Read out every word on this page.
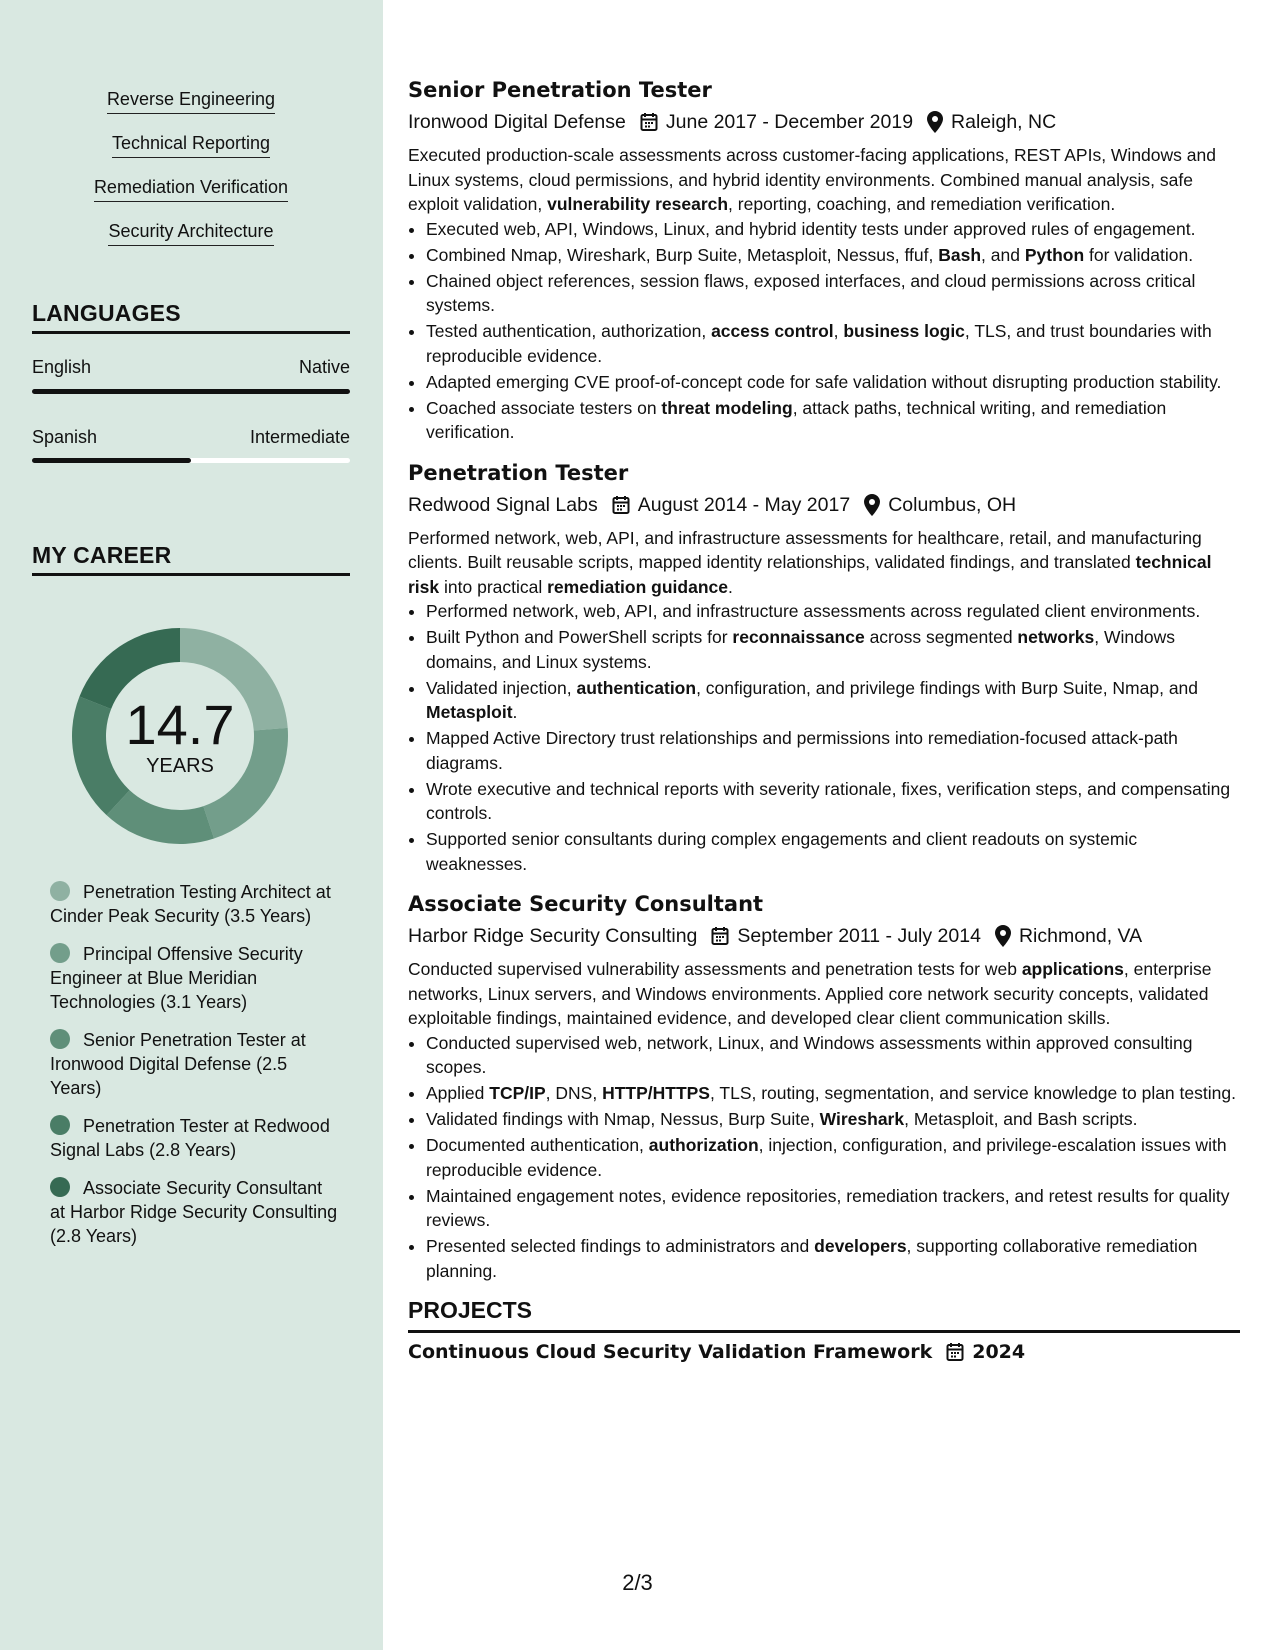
Reverse Engineering
Technical Reporting
Remediation Verification
Security Architecture
LANGUAGES
English	Native
Spanish	Intermediate
MY CAREER
14.7
YEARS
Penetration Testing Architect at Cinder Peak Security (3.5 Years)
Principal Offensive Security Engineer at Blue Meridian Technologies (3.1 Years)
Senior Penetration Tester at Ironwood Digital Defense (2.5 Years)
Penetration Tester at Redwood Signal Labs (2.8 Years)
Associate Security Consultant at Harbor Ridge Security Consulting (2.8 Years)
Senior Penetration Tester
Ironwood Digital Defense June 2017 - December 2019 Raleigh, NC

Executed production-scale assessments across customer-facing applications, REST APIs, Windows and Linux systems, cloud permissions, and hybrid identity environments. Combined manual analysis, safe exploit validation, vulnerability research, reporting, coaching, and remediation verification.

• Executed web, API, Windows, Linux, and hybrid identity tests under approved rules of engagement.
• Combined Nmap, Wireshark, Burp Suite, Metasploit, Nessus, ffuf, Bash, and Python for validation.
• Chained object references, session flaws, exposed interfaces, and cloud permissions across critical systems.
• Tested authentication, authorization, access control, business logic, TLS, and trust boundaries with reproducible evidence.
• Adapted emerging CVE proof-of-concept code for safe validation without disrupting production stability.
• Coached associate testers on threat modeling, attack paths, technical writing, and remediation verification.
Penetration Tester
Redwood Signal Labs August 2014 - May 2017 Columbus, OH

Performed network, web, API, and infrastructure assessments for healthcare, retail, and manufacturing clients. Built reusable scripts, mapped identity relationships, validated findings, and translated technical risk into practical remediation guidance.

• Performed network, web, API, and infrastructure assessments across regulated client environments.
• Built Python and PowerShell scripts for reconnaissance across segmented networks, Windows domains, and Linux systems.
• Validated injection, authentication, configuration, and privilege findings with Burp Suite, Nmap, and Metasploit.
• Mapped Active Directory trust relationships and permissions into remediation-focused attack-path diagrams.
• Wrote executive and technical reports with severity rationale, fixes, verification steps, and compensating controls.
• Supported senior consultants during complex engagements and client readouts on systemic weaknesses.
Associate Security Consultant
Harbor Ridge Security Consulting September 2011 - July 2014 Richmond, VA

Conducted supervised vulnerability assessments and penetration tests for web applications, enterprise networks, Linux servers, and Windows environments. Applied core network security concepts, validated exploitable findings, maintained evidence, and developed clear client communication skills.

• Conducted supervised web, network, Linux, and Windows assessments within approved consulting scopes.
• Applied TCP/IP, DNS, HTTP/HTTPS, TLS, routing, segmentation, and service knowledge to plan testing.
• Validated findings with Nmap, Nessus, Burp Suite, Wireshark, Metasploit, and Bash scripts.
• Documented authentication, authorization, injection, configuration, and privilege-escalation issues with reproducible evidence.
• Maintained engagement notes, evidence repositories, remediation trackers, and retest results for quality reviews.
• Presented selected findings to administrators and developers, supporting collaborative remediation planning.
PROJECTS
Continuous Cloud Security Validation Framework 2024
2/3
